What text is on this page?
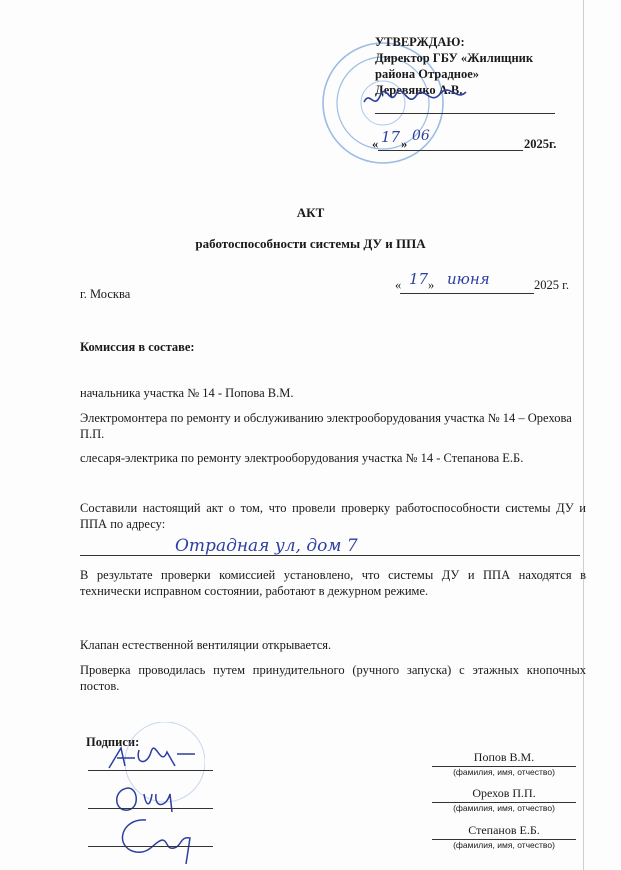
УТВЕРЖДАЮ:
Директор ГБУ «Жилищник
района Отрадное»
Деревянко А.В.
« 17 » 06	2025г.
АКТ
работоспособности системы ДУ и ППА
г. Москва
« 17 » июня	2025 г.
Комиссия в составе:
начальника участка № 14 - Попова В.М.
Электромонтера по ремонту и обслуживанию электрооборудования участка № 14 – Орехова П.П.
слесаря-электрика по ремонту электрооборудования участка № 14 - Степанова Е.Б.
Составили настоящий акт о том, что провели проверку работоспособности системы ДУ и ППА по адресу:
Отрадная ул, дом 7
В результате проверки комиссией установлено, что системы ДУ и ППА находятся в технически исправном состоянии, работают в дежурном режиме.
Клапан естественной вентиляции открывается.
Проверка проводилась путем принудительного (ручного запуска) с этажных кнопочных постов.
Подписи:
Попов В.М.
(фамилия, имя, отчество)
Орехов П.П.
(фамилия, имя, отчество)
Степанов Е.Б.
(фамилия, имя, отчество)
